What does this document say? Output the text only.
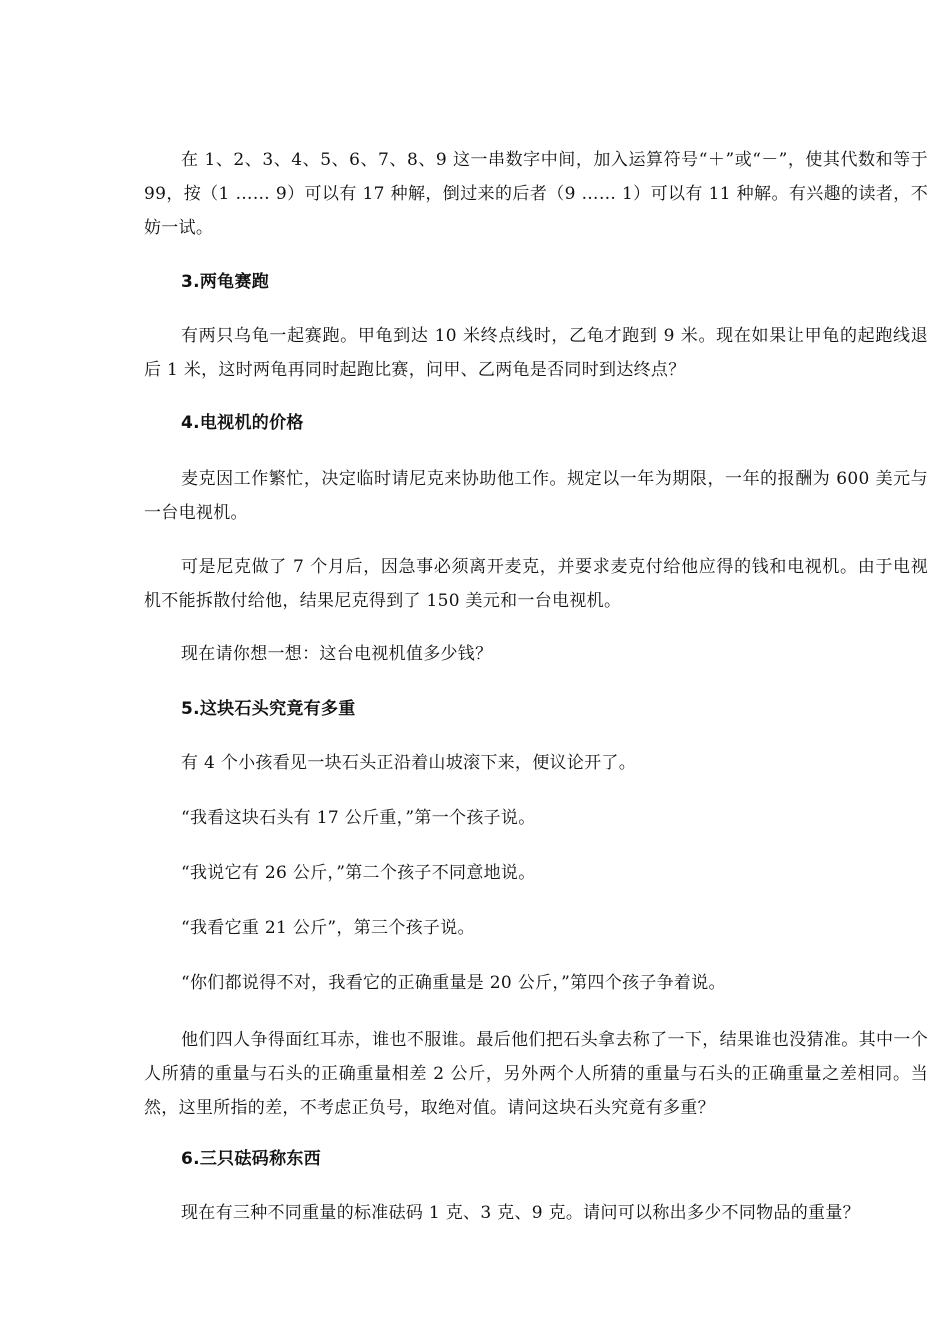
在 1、2、3、4、5、6、7、8、9 这一串数字中间，加入运算符号“＋”或“－”，使其代数和等于 99，按（1 …… 9）可以有 17 种解，倒过来的后者（9 …… 1）可以有 11 种解。有兴趣的读者，不妨一试。

3.两龟赛跑

有两只乌龟一起赛跑。甲龟到达 10 米终点线时，乙龟才跑到 9 米。现在如果让甲龟的起跑线退后 1 米，这时两龟再同时起跑比赛，问甲、乙两龟是否同时到达终点？

4.电视机的价格

麦克因工作繁忙，决定临时请尼克来协助他工作。规定以一年为期限，一年的报酬为 600 美元与一台电视机。

可是尼克做了 7 个月后，因急事必须离开麦克，并要求麦克付给他应得的钱和电视机。由于电视机不能拆散付给他，结果尼克得到了 150 美元和一台电视机。

现在请你想一想：这台电视机值多少钱？

5.这块石头究竟有多重

有 4 个小孩看见一块石头正沿着山坡滚下来，便议论开了。

“我看这块石头有 17 公斤重，”第一个孩子说。

“我说它有 26 公斤，”第二个孩子不同意地说。

“我看它重 21 公斤”，第三个孩子说。

“你们都说得不对，我看它的正确重量是 20 公斤，”第四个孩子争着说。

他们四人争得面红耳赤，谁也不服谁。最后他们把石头拿去称了一下，结果谁也没猜准。其中一个人所猜的重量与石头的正确重量相差 2 公斤，另外两个人所猜的重量与石头的正确重量之差相同。当然，这里所指的差，不考虑正负号，取绝对值。请问这块石头究竟有多重？

6.三只砝码称东西

现在有三种不同重量的标准砝码 1 克、3 克、9 克。请问可以称出多少不同物品的重量？
